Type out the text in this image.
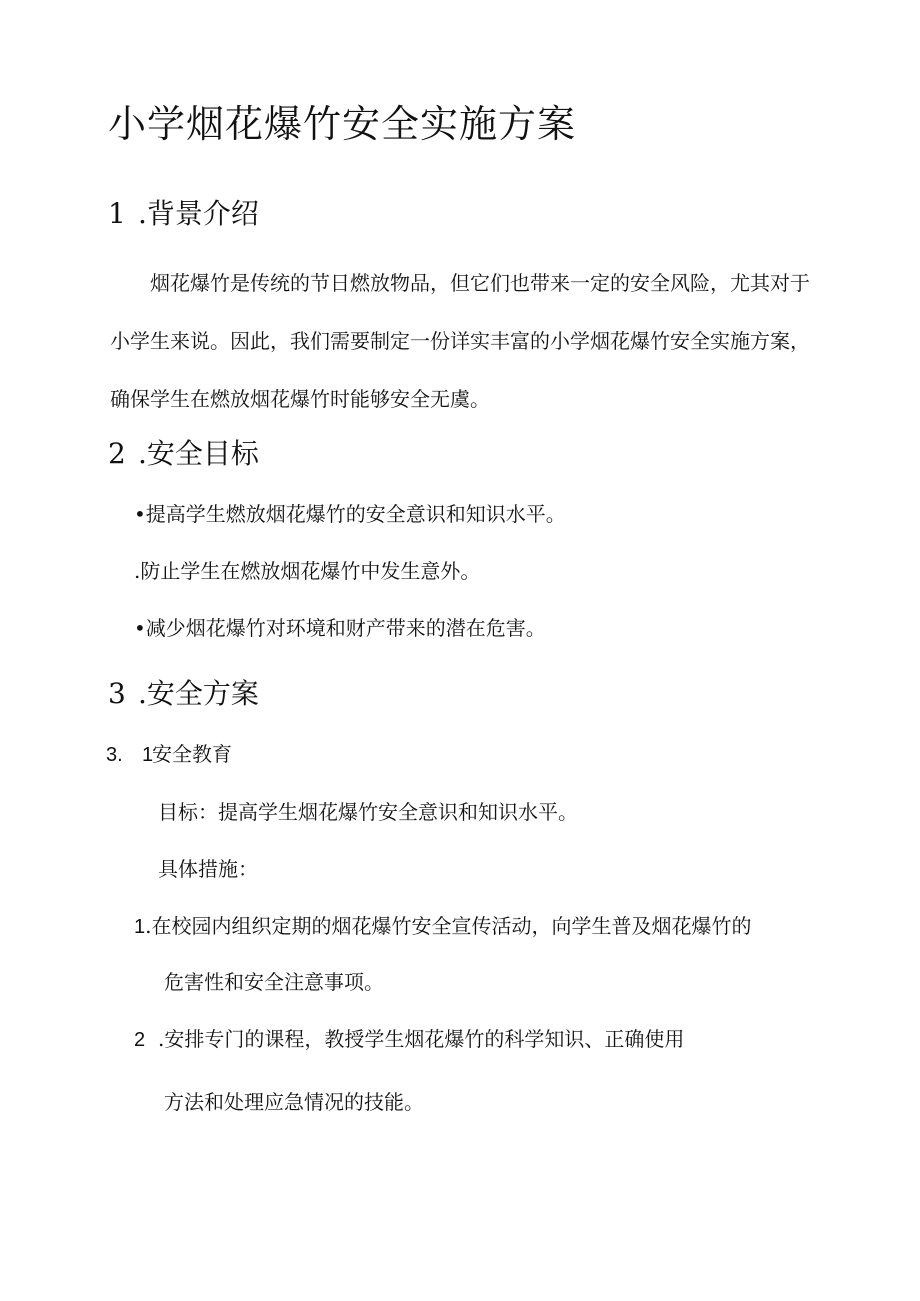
小学烟花爆竹安全实施方案
1 .背景介绍
烟花爆竹是传统的节日燃放物品，但它们也带来一定的安全风险，尤其对于小学生来说。因此，我们需要制定一份详实丰富的小学烟花爆竹安全实施方案，确保学生在燃放烟花爆竹时能够安全无虞。
2 .安全目标
•提高学生燃放烟花爆竹的安全意识和知识水平。
.防止学生在燃放烟花爆竹中发生意外。
•减少烟花爆竹对环境和财产带来的潜在危害。
3 .安全方案
3. 1安全教育
目标：提高学生烟花爆竹安全意识和知识水平。
具体措施：
1.在校园内组织定期的烟花爆竹安全宣传活动，向学生普及烟花爆竹的
危害性和安全注意事项。
2 .安排专门的课程，教授学生烟花爆竹的科学知识、正确使用
方法和处理应急情况的技能。
